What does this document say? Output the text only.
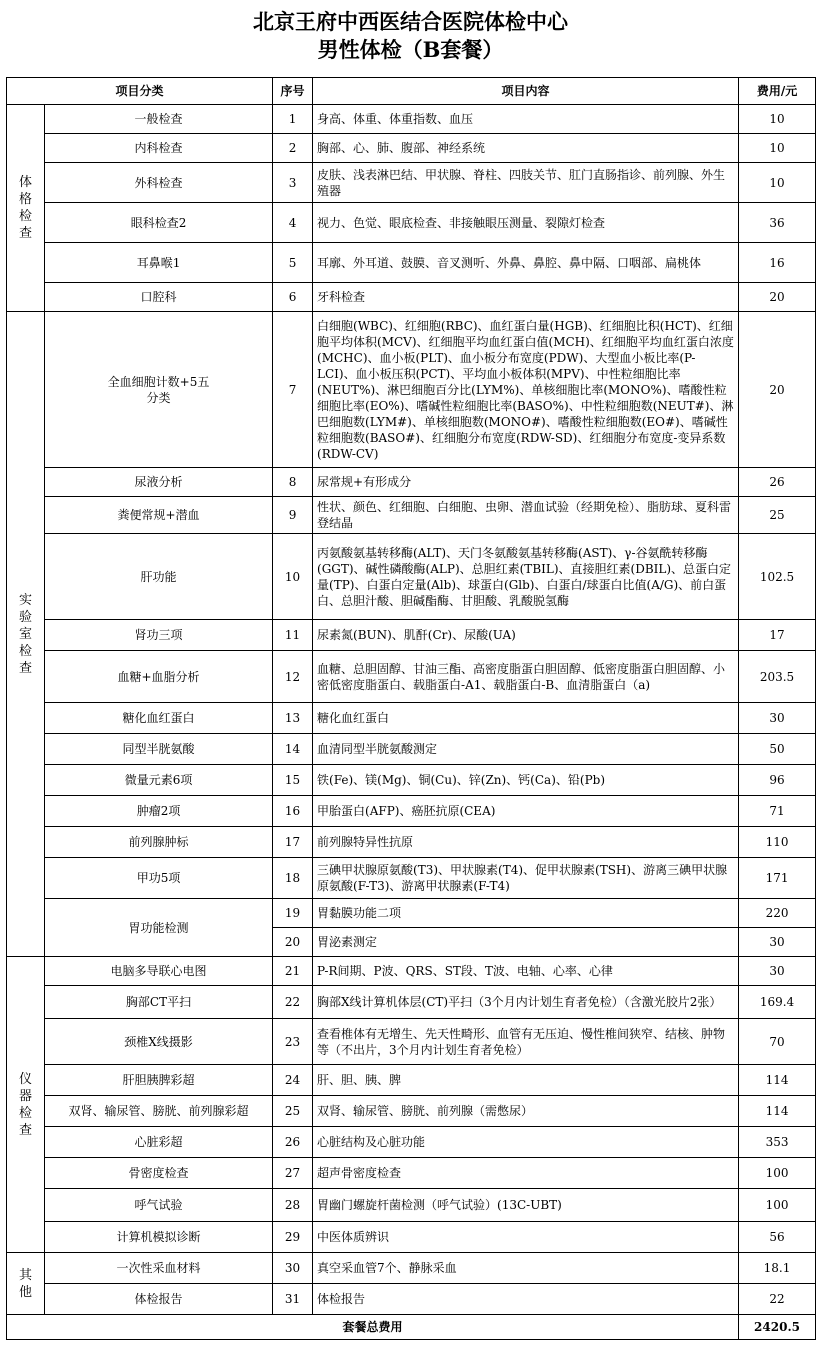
北京王府中西医结合医院体检中心
男性体检（B套餐）
项目分类		序号	项目内容	费用/元
体格检查	一般检查	1	身高、体重、体重指数、血压	10
	内科检查	2	胸部、心、肺、腹部、神经系统	10
	外科检查	3	皮肤、浅表淋巴结、甲状腺、脊柱、四肢关节、肛门直肠指诊、前列腺、外生殖器	10
	眼科检查2	4	视力、色觉、眼底检查、非接触眼压测量、裂隙灯检查	36
	耳鼻喉1	5	耳廓、外耳道、鼓膜、音叉测听、外鼻、鼻腔、鼻中隔、口咽部、扁桃体	16
	口腔科	6	牙科检查	20
实验室检查	全血细胞计数+5五分类	7	白细胞(WBC)、红细胞(RBC)、血红蛋白量(HGB)、红细胞比积(HCT)、红细胞平均体积(MCV)、红细胞平均血红蛋白值(MCH)、红细胞平均血红蛋白浓度(MCHC)、血小板(PLT)、血小板分布宽度(PDW)、大型血小板比率(P-LCI)、血小板压积(PCT)、平均血小板体积(MPV)、中性粒细胞比率(NEUT%)、淋巴细胞百分比(LYM%)、单核细胞比率(MONO%)、嗜酸性粒细胞比率(EO%)、嗜碱性粒细胞比率(BASO%)、中性粒细胞数(NEUT#)、淋巴细胞数(LYM#)、单核细胞数(MONO#)、嗜酸性粒细胞数(EO#)、嗜碱性粒细胞数(BASO#)、红细胞分布宽度(RDW-SD)、红细胞分布宽度-变异系数(RDW-CV)	20
	尿液分析	8	尿常规+有形成分	26
	粪便常规+潜血	9	性状、颜色、红细胞、白细胞、虫卵、潜血试验（经期免检）、脂肪球、夏科雷登结晶	25
	肝功能	10	丙氨酸氨基转移酶(ALT)、天门冬氨酸氨基转移酶(AST)、γ-谷氨酰转移酶(GGT)、碱性磷酸酶(ALP)、总胆红素(TBIL)、直接胆红素(DBIL)、总蛋白定量(TP)、白蛋白定量(Alb)、球蛋白(Glb)、白蛋白/球蛋白比值(A/G)、前白蛋白、总胆汁酸、胆碱酯酶、甘胆酸、乳酸脱氢酶	102.5
	肾功三项	11	尿素氮(BUN)、肌酐(Cr)、尿酸(UA)	17
	血糖+血脂分析	12	血糖、总胆固醇、甘油三酯、高密度脂蛋白胆固醇、低密度脂蛋白胆固醇、小密低密度脂蛋白、载脂蛋白-A1、载脂蛋白-B、血清脂蛋白（a)	203.5
	糖化血红蛋白	13	糖化血红蛋白	30
	同型半胱氨酸	14	血清同型半胱氨酸测定	50
	微量元素6项	15	铁(Fe)、镁(Mg)、铜(Cu)、锌(Zn)、钙(Ca)、铅(Pb)	96
	肿瘤2项	16	甲胎蛋白(AFP)、癌胚抗原(CEA)	71
	前列腺肿标	17	前列腺特异性抗原	110
	甲功5项	18	三碘甲状腺原氨酸(T3)、甲状腺素(T4)、促甲状腺素(TSH)、游离三碘甲状腺原氨酸(F-T3)、游离甲状腺素(F-T4)	171
	胃功能检测	19	胃黏膜功能二项	220
		20	胃泌素测定	30
仪器检查	电脑多导联心电图	21	P-R间期、P波、QRS、ST段、T波、电轴、心率、心律	30
	胸部CT平扫	22	胸部X线计算机体层(CT)平扫（3个月内计划生育者免检）（含激光胶片2张）	169.4
	颈椎X线摄影	23	查看椎体有无增生、先天性畸形、血管有无压迫、慢性椎间狭窄、结核、肿物等（不出片，3个月内计划生育者免检）	70
	肝胆胰脾彩超	24	肝、胆、胰、脾	114
	双肾、输尿管、膀胱、前列腺彩超	25	双肾、输尿管、膀胱、前列腺（需憋尿）	114
	心脏彩超	26	心脏结构及心脏功能	353
	骨密度检查	27	超声骨密度检查	100
	呼气试验	28	胃幽门螺旋杆菌检测（呼气试验）(13C-UBT)	100
	计算机模拟诊断	29	中医体质辨识	56
其他	一次性采血材料	30	真空采血管7个、静脉采血	18.1
	体检报告	31	体检报告	22
套餐总费用				2420.5
